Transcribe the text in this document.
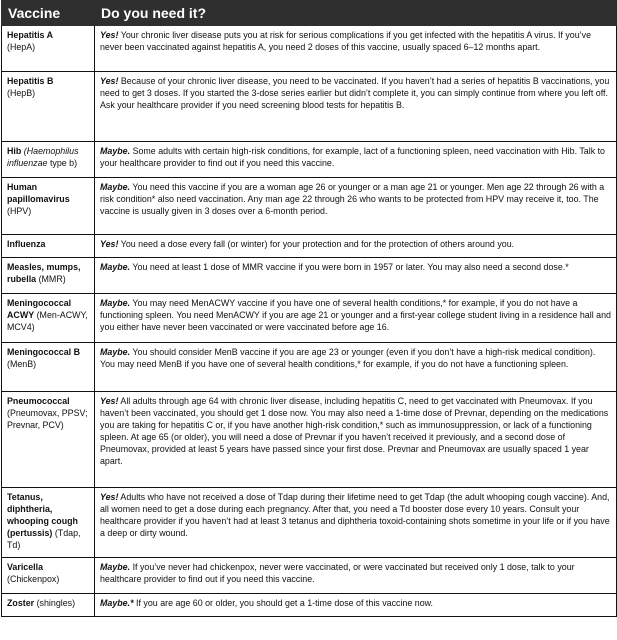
Vaccine	Do you need it?
Hepatitis A
(HepA)	Yes! Your chronic liver disease puts you at risk for serious complications if you get infected with the hepatitis A virus. If you’ve never been vaccinated against hepatitis A, you need 2 doses of this vaccine, usually spaced 6–12 months apart.
Hepatitis B
(HepB)	Yes! Because of your chronic liver disease, you need to be vaccinated. If you haven’t had a series of hepatitis B vaccinations, you need to get 3 doses. If you started the 3-dose series earlier but didn’t complete it, you can simply continue from where you left off. Ask your healthcare provider if you need screening blood tests for hepatitis B.
Hib (Haemophilus influenzae type b)	Maybe. Some adults with certain high-risk conditions, for example, lact of a functioning spleen, need vaccination with Hib. Talk to your healthcare provider to find out if you need this vaccine.
Human papillomavirus
(HPV)	Maybe. You need this vaccine if you are a woman age 26 or younger or a man age 21 or younger. Men age 22 through 26 with a risk condition* also need vaccination. Any man age 22 through 26 who wants to be protected from HPV may receive it, too. The vaccine is usually given in 3 doses over a 6-month period.
Influenza	Yes! You need a dose every fall (or winter) for your protection and for the protection of others around you.
Measles, mumps, rubella (MMR)	Maybe. You need at least 1 dose of MMR vaccine if you were born in 1957 or later. You may also need a second dose.*
Meningococcal ACWY (Men-ACWY, MCV4)	Maybe. You may need MenACWY vaccine if you have one of several health conditions,* for example, if you do not have a functioning spleen. You need MenACWY if you are age 21 or younger and a first-year college student living in a residence hall and you either have never been vaccinated or were vaccinated before age 16.
Meningococcal B
(MenB)	Maybe. You should consider MenB vaccine if you are age 23 or younger (even if you don’t have a high-risk medical condition). You may need MenB if you have one of several health conditions,* for example, if you do not have a functioning spleen.
Pneumococcal
(Pneumovax, PPSV; Prevnar, PCV)	Yes! All adults through age 64 with chronic liver disease, including hepatitis C, need to get vaccinated with Pneumovax. If you haven’t been vaccinated, you should get 1 dose now. You may also need a 1-time dose of Prevnar, depending on the medications you are taking for hepatitis C or, if you have another high-risk condition,* such as immunosuppression, or lack of a functioning spleen. At age 65 (or older), you will need a dose of Prevnar if you haven’t received it previously, and a second dose of Pneumovax, provided at least 5 years have passed since your first dose. Prevnar and Pneumovax are usually spaced 1 year apart.
Tetanus, diphtheria, whooping cough (pertussis) (Tdap, Td)	Yes! Adults who have not received a dose of Tdap during their lifetime need to get Tdap (the adult whooping cough vaccine). And, all women need to get a dose during each pregnancy. After that, you need a Td booster dose every 10 years. Consult your healthcare provider if you haven’t had at least 3 tetanus and diphtheria toxoid-containing shots sometime in your life or if you have a deep or dirty wound.
Varicella
(Chickenpox)	Maybe. If you’ve never had chickenpox, never were vaccinated, or were vaccinated but received only 1 dose, talk to your healthcare provider to find out if you need this vaccine.
Zoster (shingles)	Maybe.* If you are age 60 or older, you should get a 1-time dose of this vaccine now.
